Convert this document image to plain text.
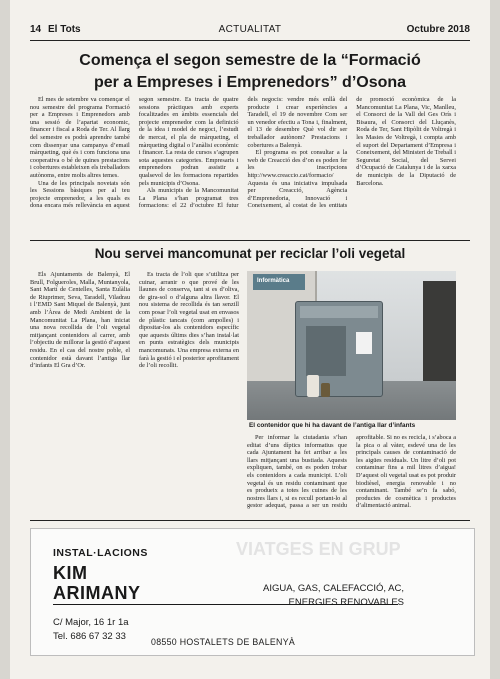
14 El Tots	ACTUALITAT	Octubre 2018
Comença el segon semestre de la “Formació
per a Empreses i Emprenedors” d’Osona

El mes de setembre va començar el nou semestre del programa Formació per a Empreses i Emprenedors amb una sessió de l’apartat economic, financer i fiscal a Roda de Ter. Al llarg del semestre es podrà aprendre també com dissenyar una campanya d’email màrqueting, què és i com funciona una cooperativa o bé de quines prestacions i cobertures estableixen els treballadors autònoms, entre molts altres temes.

Una de les principals novetats són les Sessions bàsiques per al teu projecte emprenedor, a les quals es dona encara més rellevància en aquest segon semestre. Es tracta de quatre sessions pràctiques amb experts focalitzades en àmbits essencials del projecte emprenedor com la definició de la idea i model de negoci, l’estudi de mercat, el pla de màrqueting, el màrqueting digital o l’anàlisi econòmic i financer. La resta de cursos s’agrupen sota aquestes categories. Empresaris i emprenedors podran assistir a qualsevol de les formacions repartides pels municipis d’Osona.

Als municipis de la Mancomunitat La Plana s’han programat tres formacions: el 22 d’octubre El futur dels negocis: vendre més enllà del producte i crear experiències a Taradell, el 19 de novembre Com ser un venedor efectiu a Tona i, finalment, el 13 de desembre Què vol dir ser treballador autònom? Prestacions i cobertures a Balenyà.

El programa es pot consultar a la web de Creacció des d’on es poden fer les inscripcions http://www.creaccio.cat/formacio/ Aquesta és una iniciativa impulsada per Creacció, Agència d’Emprenedoria, Innovació i Coneixement, al costat de les entitats de promoció econòmica de la Mancomunitat La Plana, Vic, Manlleu, el Consorci de la Vall del Ges Orís i Bisaura, el Consorci del Lluçanès, Roda de Ter, Sant Hipòlit de Voltregà i les Masies de Voltregà, i compta amb el suport del Departament d’Empresa i Coneixement, del Ministeri de Treball i Seguretat Social, del Servei d’Ocupació de Catalunya i de la xarxa de municipis de la Diputació de Barcelona.

Nou servei mancomunat per reciclar l’oli vegetal

Els Ajuntaments de Balenyà, El Brull, Folgueroles, Malla, Muntanyola, Sant Martí de Centelles, Santa Eulàlia de Riuprimer, Seva, Taradell, Viladrau i l’EMD Sant Miquel de Balenyà, junt amb l’Àrea de Medi Ambient de la Mancomunitat La Plana, han iniciat una nova recollida de l’oli vegetal mitjançant contenidors al carrer, amb l’objectiu de millorar la gestió d’aquest residu. En el cas del nostre poble, el contenidor està davant l’antiga llar d’infants El Gra d’Or.

Es tracta de l’oli que s’utilitza per cuinar, arranir o que prové de les llaunes de conserva, tant si es d’oliva, de gira-sol o d’alguna altra llavor. El nou sistema de recollida és tan senzill com posar l’oli vegetal usat en envasos de plàstic tancats (com ampolles) i dipositar-los als contenidors específic que aquests últims dies s’han instal·lat en punts estratègics dels municipis mancomunats. Una empresa externa en farà la gestió i el posterior aprofitament de l’oli recollit.

Informàtica
El contenidor que hi ha davant de l’antiga llar d’infants

Per informar la ciutadania s’han editat d’uns díptics informatius que cada Ajuntament ha fet arribar a les llars mitjançant una bustiada. Aquests expliquen, també, on es poden trobar els contenidors a cada municipi. L’oli vegetal és un residu contaminant que es produeix a totes les cuines de les nostres llars i, si es recull portant-lo al gestor adequat, passa a ser un residu aprofitable. Si no es recicla, i s’aboca a la pica o al vàter, esdevé una de les principals causes de contaminació de les aigües residuals. Un litre d’oli pot contaminar fins a mil litres d’aigua! D’aquest oli vegetal usat es pot produir biodièsel, energia renovable i no contaminant. També se’n fa sabó, productes de cosmètica i productes d’alimentació animal.

VIATGES EN GRUP
INSTAL·LACIONS
KIM
ARIMANY	AIGUA, GAS, CALEFACCIÓ, AC,
ENERGIES RENOVABLES
C/ Major, 16 1r 1a
Tel. 686 67 32 33	08550 HOSTALETS DE BALENYÀ
